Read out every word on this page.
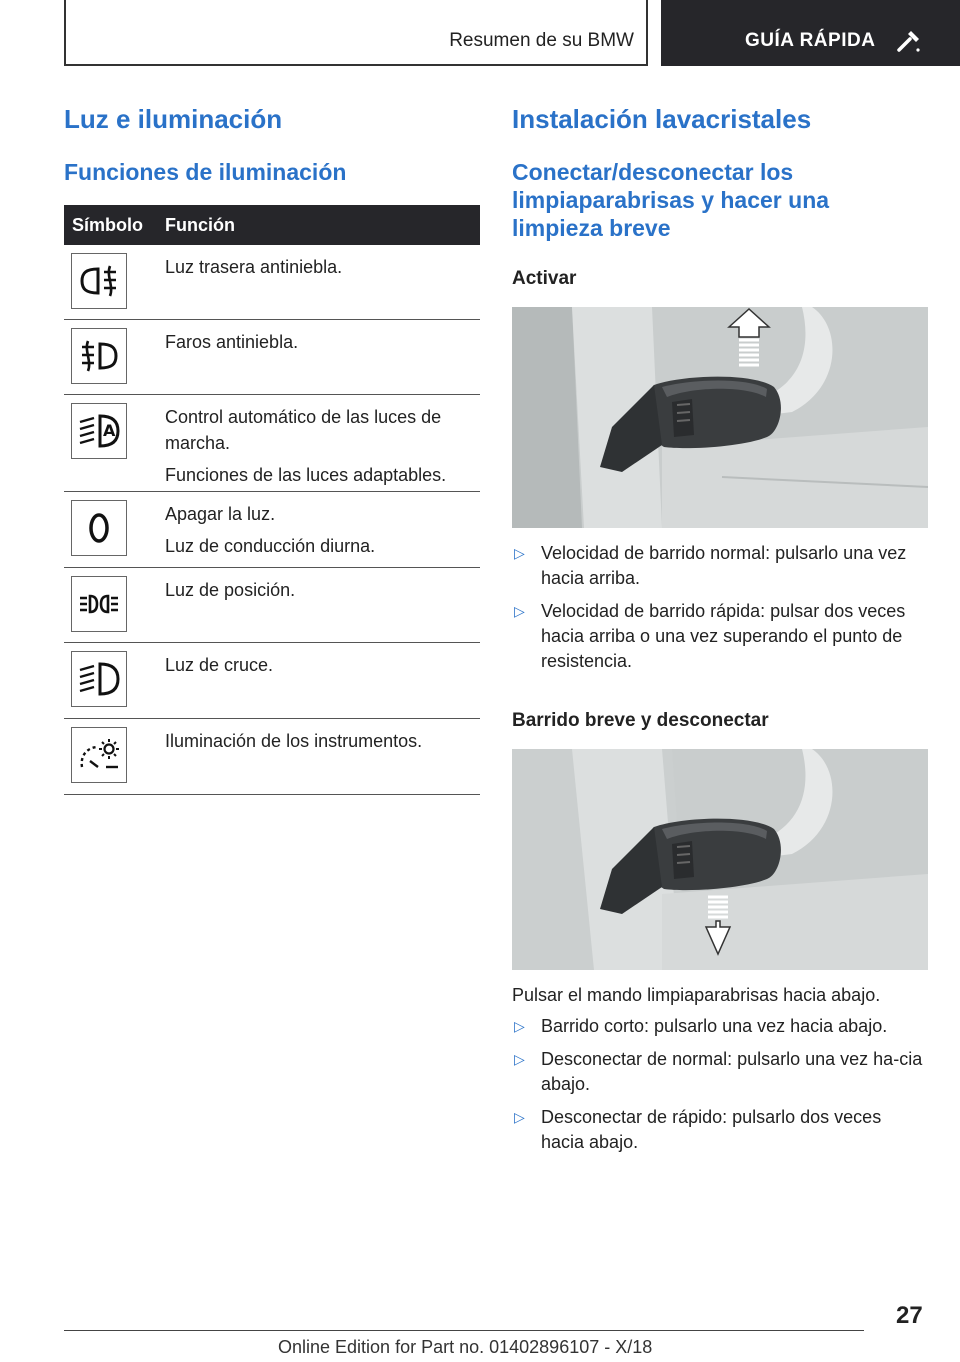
Resumen de su BMW	GUÍA RÁPIDA
Luz e iluminación
Funciones de iluminación
Símbolo	Función

Luz trasera antiniebla.

Faros antiniebla.

A

Control automático de las luces de marcha.

Funciones de las luces adaptables.

Apagar la luz.

Luz de conducción diurna.

Luz de posición.

Luz de cruce.

Iluminación de los instrumentos.

Instalación lavacristales
Conectar/desconectar los limpiaparabrisas y hacer una limpieza breve
Activar
▷ Velocidad de barrido normal: pulsarlo una vez hacia arriba.
▷ Velocidad de barrido rápida: pulsar dos veces hacia arriba o una vez superando el punto de resistencia.
Barrido breve y desconectar

Pulsar el mando limpiaparabrisas hacia abajo.

▷ Barrido corto: pulsarlo una vez hacia abajo.
▷ Desconectar de normal: pulsarlo una vez ha-cia abajo.
▷ Desconectar de rápido: pulsarlo dos veces hacia abajo.
27
Online Edition for Part no. 01402896107 - X/18
